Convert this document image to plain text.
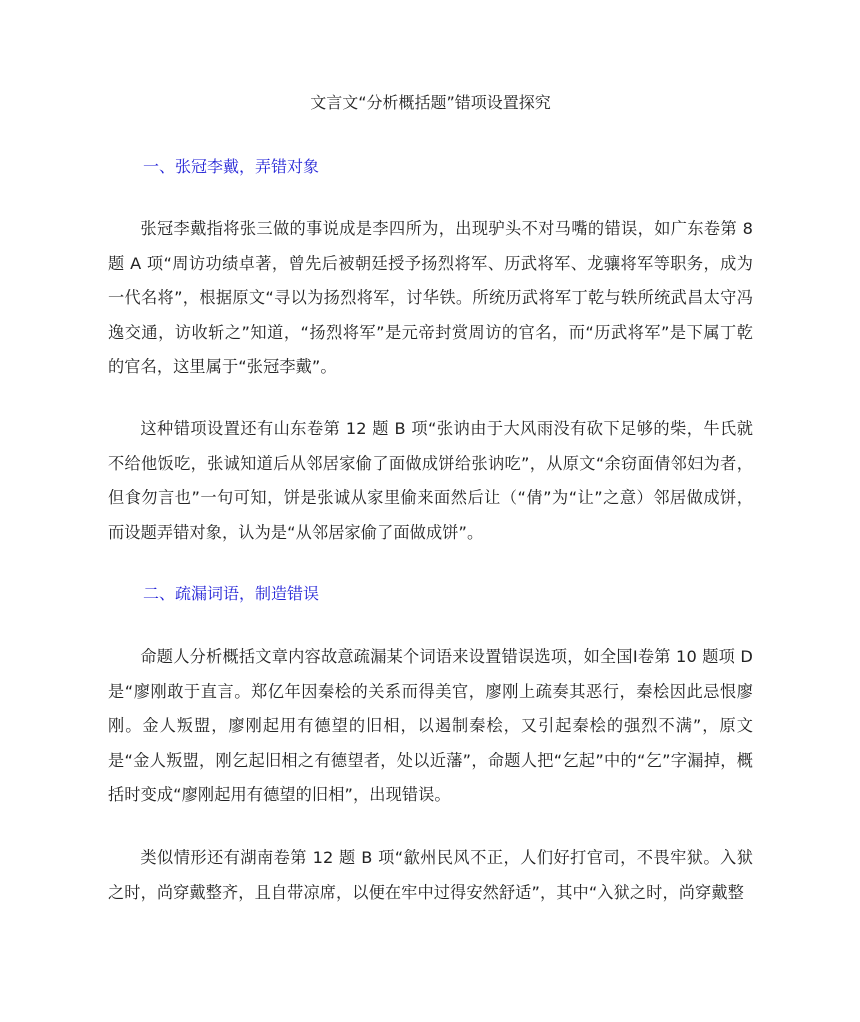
文言文“分析概括题”错项设置探究
一、张冠李戴，弄错对象

张冠李戴指将张三做的事说成是李四所为，出现驴头不对马嘴的错误，如广东卷第 8 题 A 项“周访功绩卓著，曾先后被朝廷授予扬烈将军、历武将军、龙骧将军等职务，成为一代名将”，根据原文“寻以为扬烈将军，讨华铁。所统历武将军丁乾与轶所统武昌太守冯逸交通，访收斩之”知道，“扬烈将军”是元帝封赏周访的官名，而“历武将军”是下属丁乾的官名，这里属于“张冠李戴”。

这种错项设置还有山东卷第 12 题 B 项“张讷由于大风雨没有砍下足够的柴，牛氏就不给他饭吃，张诚知道后从邻居家偷了面做成饼给张讷吃”，从原文“余窃面倩邻妇为者，但食勿言也”一句可知，饼是张诚从家里偷来面然后让（“倩”为“让”之意）邻居做成饼，而设题弄错对象，认为是“从邻居家偷了面做成饼”。

二、疏漏词语，制造错误

命题人分析概括文章内容故意疏漏某个词语来设置错误选项，如全国Ⅰ卷第 10 题项 D 是“廖刚敢于直言。郑亿年因秦桧的关系而得美官，廖刚上疏奏其恶行，秦桧因此忌恨廖刚。金人叛盟，廖刚起用有德望的旧相，以遏制秦桧，又引起秦桧的强烈不满”，原文是“金人叛盟，刚乞起旧相之有德望者，处以近藩”，命题人把“乞起”中的“乞”字漏掉，概括时变成“廖刚起用有德望的旧相”，出现错误。

类似情形还有湖南卷第 12 题 B 项“歙州民风不正，人们好打官司，不畏牢狱。入狱之时，尚穿戴整齐，且自带凉席，以便在牢中过得安然舒适”，其中“入狱之时，尚穿戴整
